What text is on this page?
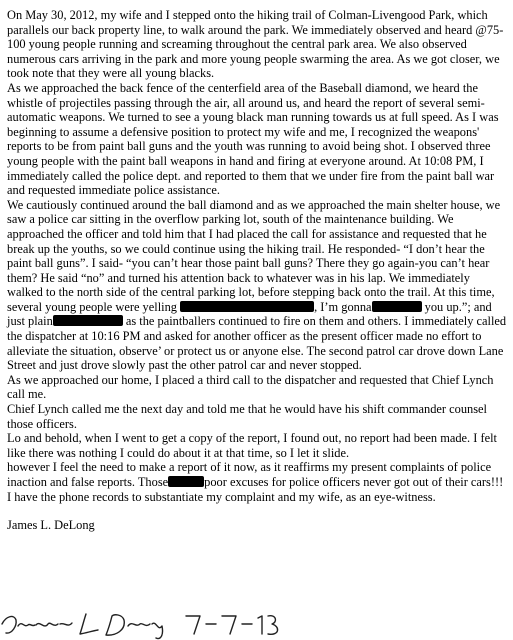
On May 30, 2012, my wife and I stepped onto the hiking trail of Colman-Livengood Park, which parallels our back property line, to walk around the park. We immediately observed and heard @75-100 young people running and screaming throughout the central park area. We also observed numerous cars arriving in the park and more young people swarming the area. As we got closer, we took note that they were all young blacks.

As we approached the back fence of the centerfield area of the Baseball diamond, we heard the whistle of projectiles passing through the air, all around us, and heard the report of several semi-automatic weapons. We turned to see a young black man running towards us at full speed. As I was beginning to assume a defensive position to protect my wife and me, I recognized the weapons' reports to be from paint ball guns and the youth was running to avoid being shot. I observed three young people with the paint ball weapons in hand and firing at everyone around. At 10:08 PM, I immediately called the police dept. and reported to them that we under fire from the paint ball war and requested immediate police assistance.

We cautiously continued around the ball diamond and as we approached the main shelter house, we saw a police car sitting in the overflow parking lot, south of the maintenance building. We approached the officer and told him that I had placed the call for assistance and requested that he break up the youths, so we could continue using the hiking trail. He responded- “I don’t hear the paint ball guns”. I said- “you can’t hear those paint ball guns? There they go again-you can’t hear them? He said “no” and turned his attention back to whatever was in his lap. We immediately walked to the north side of the central parking lot, before stepping back onto the trail. At this time, several young people were yelling	, I’m gonna	you up.”; and just plain	as the paintballers continued to fire on them and others. I immediately called the dispatcher at 10:16 PM and asked for another officer as the present officer made no effort to alleviate the situation, observe’ or protect us or anyone else. The second patrol car drove down Lane Street and just drove slowly past the other patrol car and never stopped.

As we approached our home, I placed a third call to the dispatcher and requested that Chief Lynch call me.

Chief Lynch called me the next day and told me that he would have his shift commander counsel those officers.

Lo and behold, when I went to get a copy of the report, I found out, no report had been made. I felt like there was nothing I could do about it at that time, so I let it slide.

however I feel the need to make a report of it now, as it reaffirms my present complaints of police inaction and false reports. Those	poor excuses for police officers never got out of their cars!!!

I have the phone records to substantiate my complaint and my wife, as an eye-witness.

James L. DeLong
